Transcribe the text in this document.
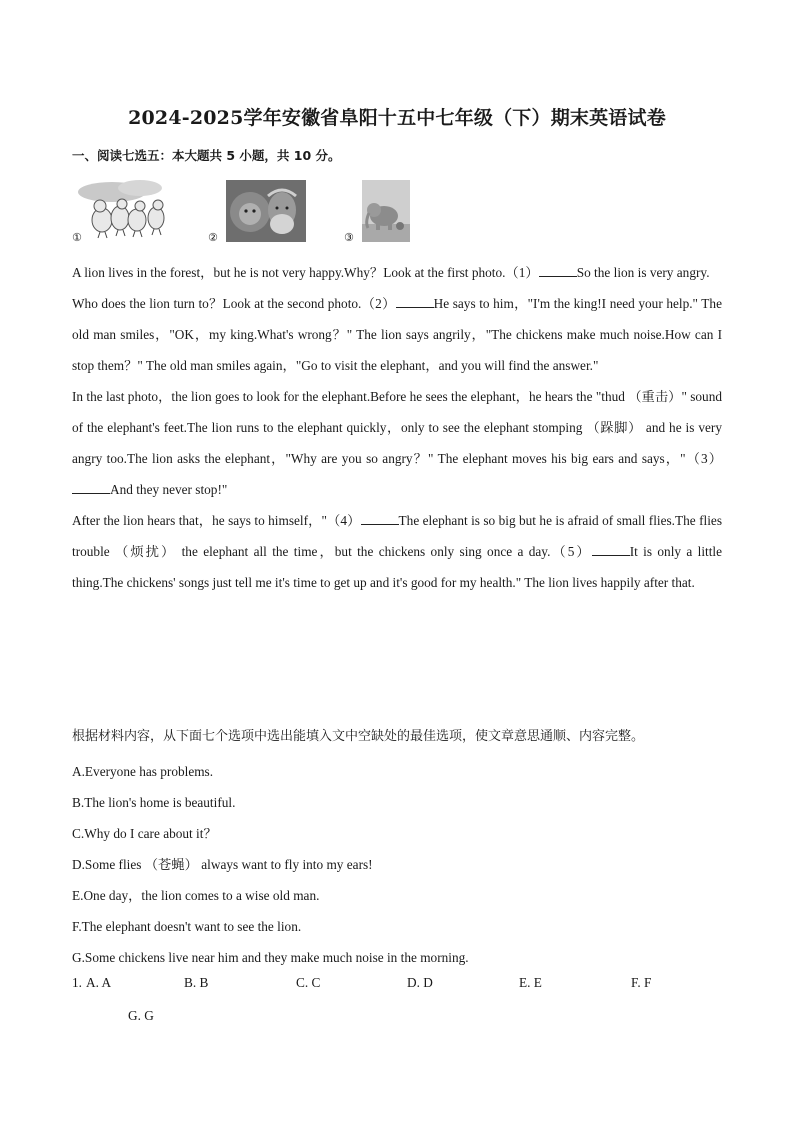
2024-2025学年安徽省阜阳十五中七年级（下）期末英语试卷
一、阅读七选五：本大题共 5 小题，共 10 分。
①	②	③

A lion lives in the forest，but he is not very happy.Why？Look at the first photo.（1）	So the lion is very angry.

Who does the lion turn to？Look at the second photo.（2）	He says to him，"I'm the king!I need your help." The old man smiles，"OK，my king.What's wrong？" The lion says angrily，"The chickens make much noise.How can I stop them？" The old man smiles again，"Go to visit the elephant，and you will find the answer."

In the last photo，the lion goes to look for the elephant.Before he sees the elephant，he hears the "thud （重击）" sound of the elephant's feet.The lion runs to the elephant quickly，only to see the elephant stomping （跺脚） and he is very angry too.The lion asks the elephant，"Why are you so angry？" The elephant moves his big ears and says，"（3）And they never stop!"

After the lion hears that，he says to himself，"（4）	The elephant is so big but he is afraid of small flies.The flies trouble （烦扰） the elephant all the time，but the chickens only sing once a day.（5）	It is only a little thing.The chickens' songs just tell me it's time to get up and it's good for my health." The lion lives happily after that.

根据材料内容，从下面七个选项中选出能填入文中空缺处的最佳选项，使文章意思通顺、内容完整。
A.Everyone has problems.
B.The lion's home is beautiful.
C.Why do I care about it？
D.Some flies （苍蝇） always want to fly into my ears!
E.One day，the lion comes to a wise old man.
F.The elephant doesn't want to see the lion.
G.Some chickens live near him and they make much noise in the morning.
1. A. A	B. B	C. C	D. D	E. E	F. F
G. G
